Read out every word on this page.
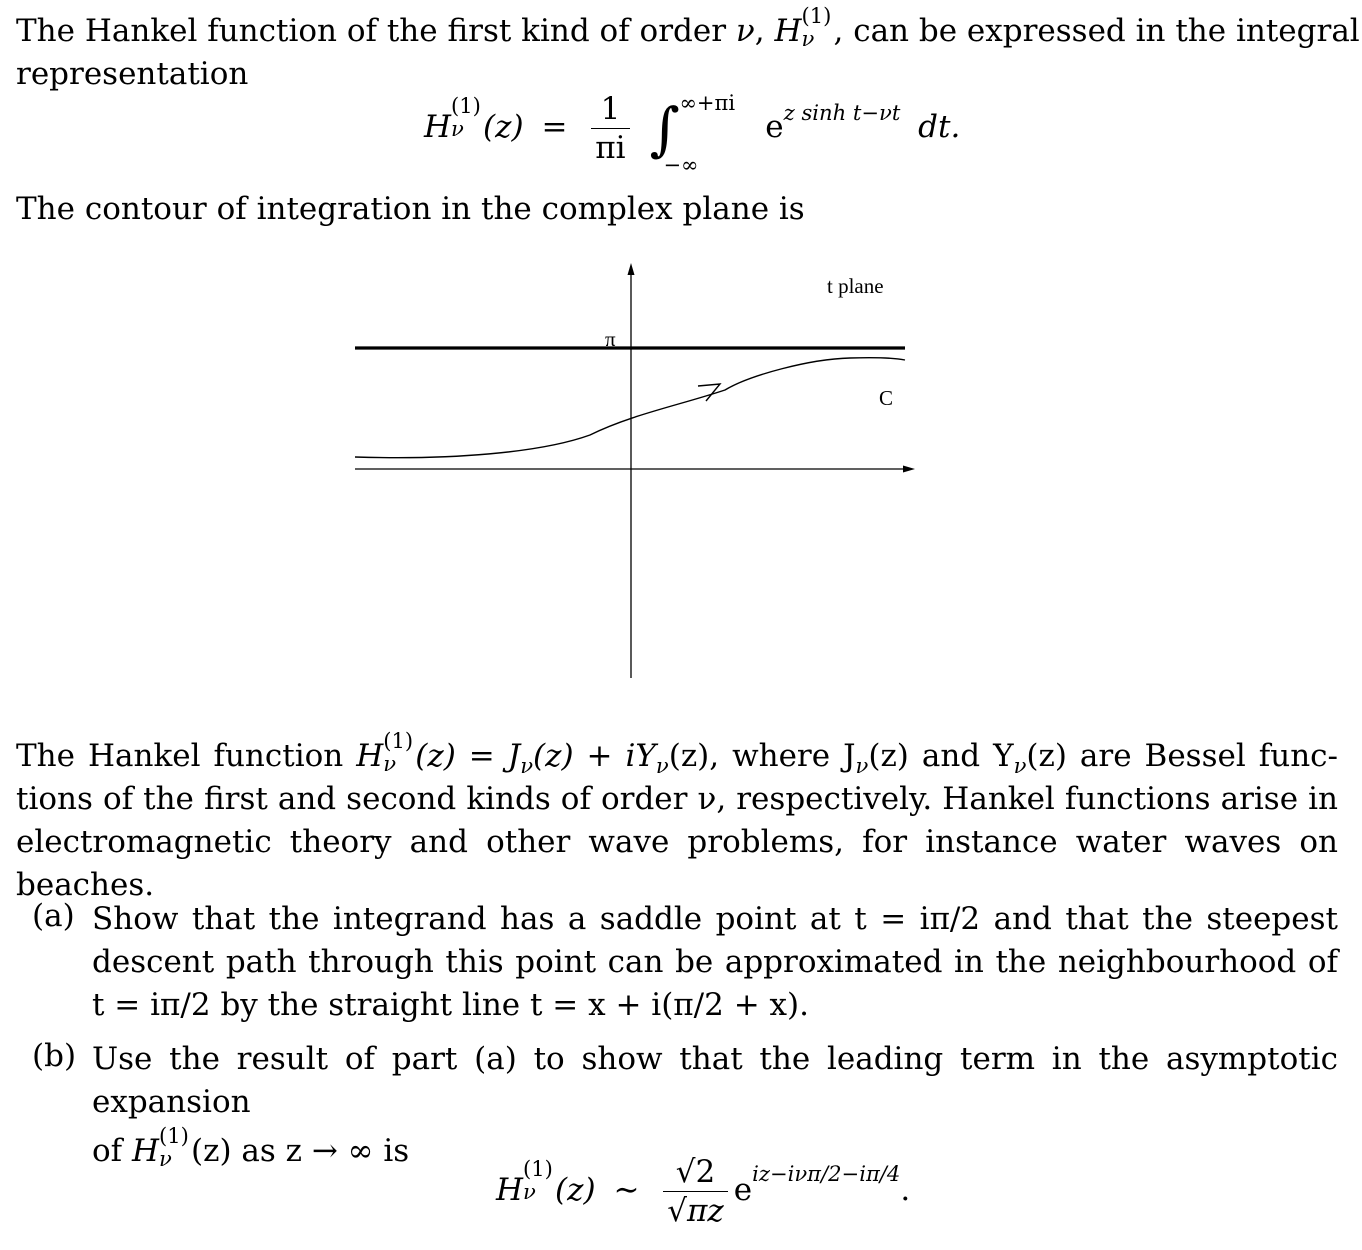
The Hankel function of the first kind of order ν, H (1)
ν , can be expressed in the integral
representation
H
(1)
ν $(z) = \frac{1}{\pi i}$ ∫ ∞+πi
−∞
$e^{z sinh t-\nu t}$ dt.
The contour of integration in the complex plane is
t plane
π
C
The Hankel function H (1)
ν $(z) = J_\nu(z) + iY_\nu(z)$, where $J_\nu(z)$ and $Y_\nu(z)$ are Bessel func-
tions of the first and second kinds of order ν, respectively. Hankel functions arise in
electromagnetic theory and other wave problems, for instance water waves on beaches.
(a) Show that the integrand has a saddle point at t = iπ/2 and that the steepest
descent path through this point can be approximated in the neighbourhood of
t = iπ/2 by the straight line t = x + i(π/2 + x).
(b) Use the result of part (a) to show that the leading term in the asymptotic expansion
of H (1)
ν (z) as z → ∞ is
H
(1)
ν (z) ∼ $\frac{√2}{√\pi z} e^{iz-i\nu\pi/2-i\pi/4}$.
